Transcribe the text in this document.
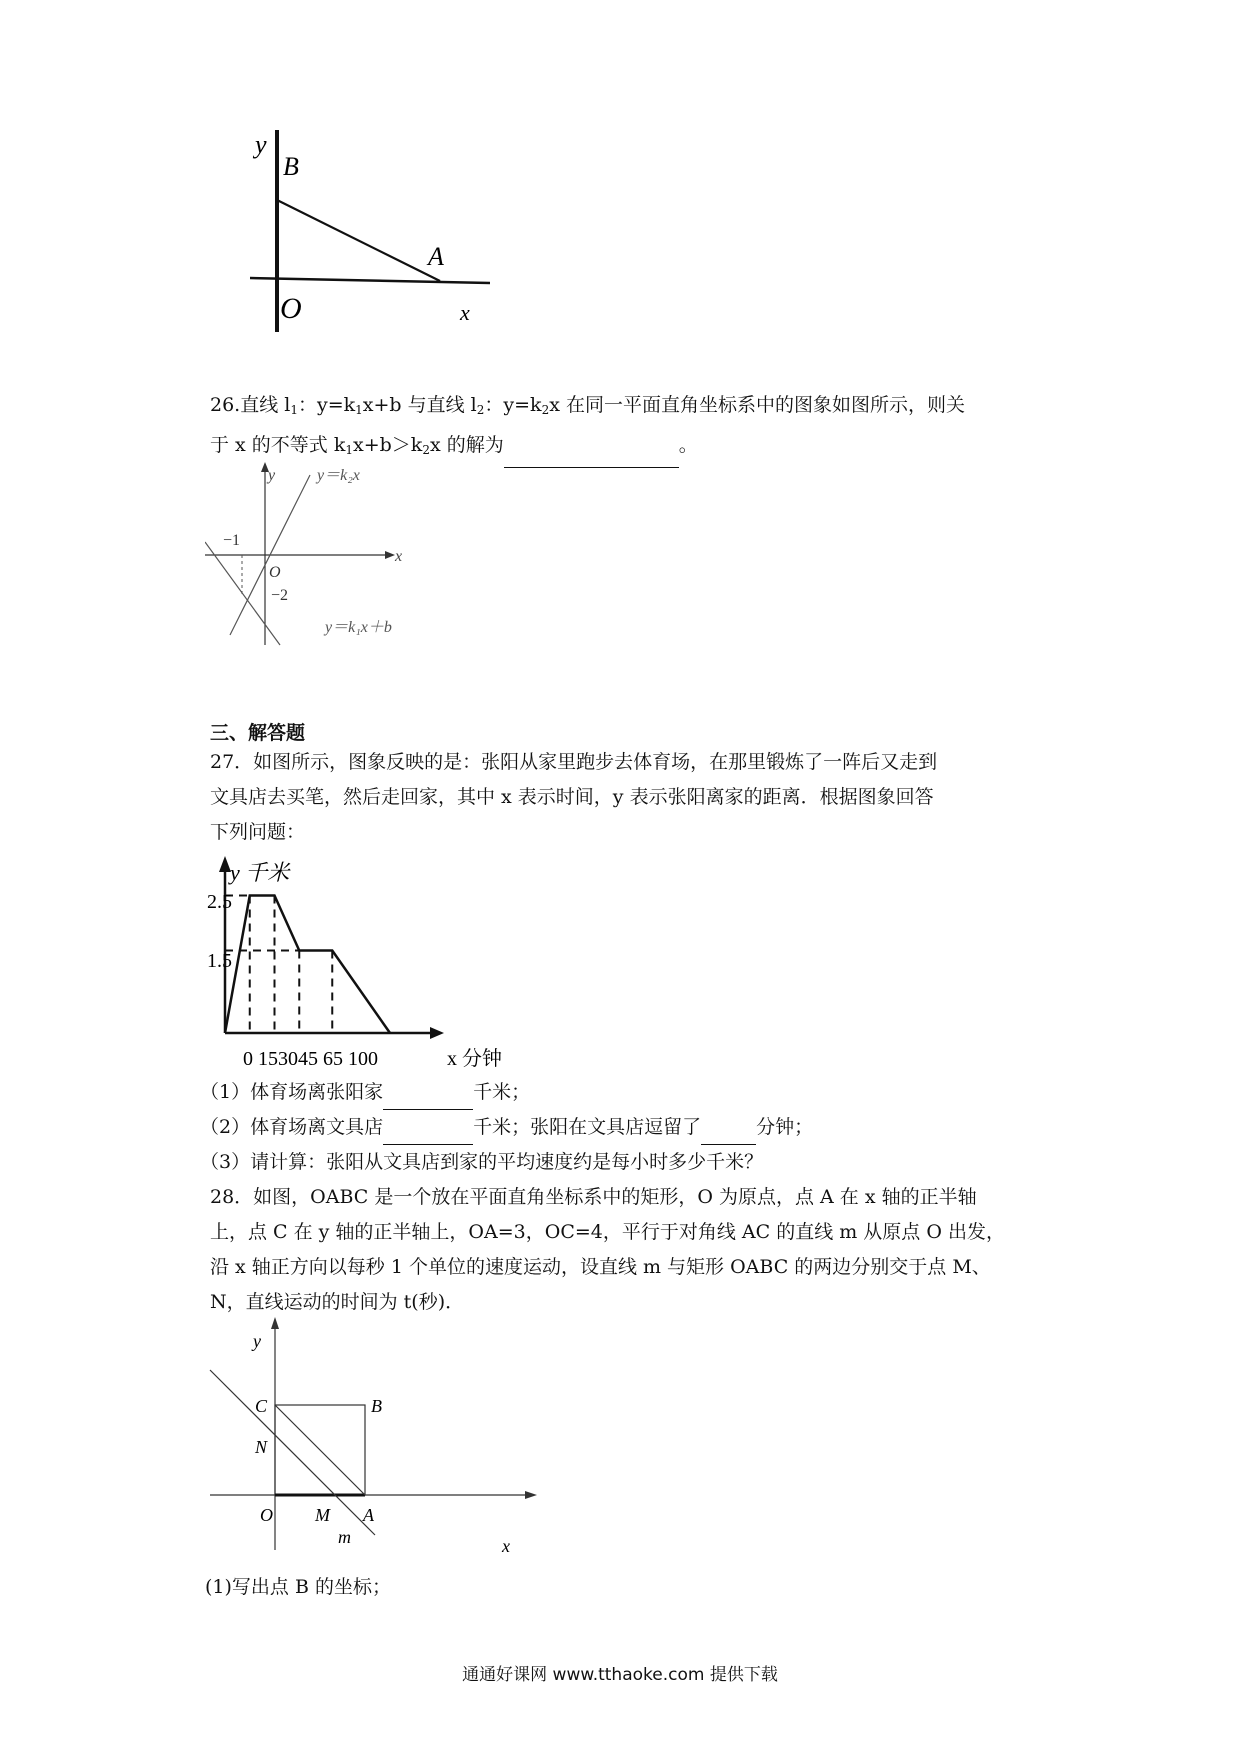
y
B
A
O	x
26.直线 $l_1$：$y=k_1x+b$ 与直线 $l_2$：$y=k_2x$ 在同一平面直角坐标系中的图象如图所示，则关
于 x 的不等式 $k_1x+b>k_2x$ 的解为	。
y	y＝k₂x
x
−1
O
−2
y＝k₁x＋b
三、解答题
27．如图所示，图象反映的是：张阳从家里跑步去体育场，在那里锻炼了一阵后又走到
文具店去买笔，然后走回家，其中 x 表示时间，y 表示张阳离家的距离．根据图象回答
下列问题：
y 千米
2.5
1.5
0 153045 65 100	x 分钟
（1）体育场离张阳家	千米；
（2）体育场离文具店	千米；张阳在文具店逗留了	分钟；
（3）请计算：张阳从文具店到家的平均速度约是每小时多少千米？
28．如图，OABC 是一个放在平面直角坐标系中的矩形，O 为原点，点 A 在 x 轴的正半轴
上，点 C 在 y 轴的正半轴上，OA=3，OC=4，平行于对角线 AC 的直线 m 从原点 O 出发，
沿 x 轴正方向以每秒 1 个单位的速度运动，设直线 m 与矩形 OABC 的两边分别交于点 M、
N，直线运动的时间为 t(秒)．
y
C	B
N
O M A
m	x
(1)写出点 B 的坐标；
通通好课网 www.tthaoke.com 提供下载
